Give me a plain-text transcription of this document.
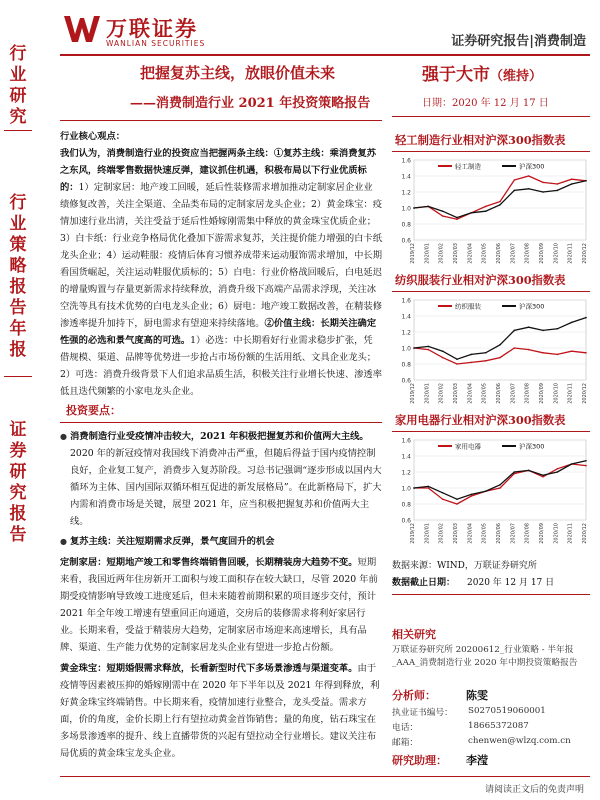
万联证券
WANLIAN SECURITIES	证券研究报告|消费制造
行
业
研
究
行
业
策
略
报
告
年
报
证
券
研
究
报
告
把握复苏主线，放眼价值未来
——消费制造行业 2021 年投资策略报告
强于大市（维持）
日期：2020 年 12 月 17 日

行业核心观点：

我们认为，消费制造行业的投资应当把握两条主线：①复苏主线：乘消费复苏之东风，终端零售数据快速反弹，建议抓住机遇，积极布局以下行业优质标的：1）定制家居：地产竣工回暖，延后性装修需求增加推动定制家居企业业绩修复改善，关注全渠道、全品类布局的定制家居龙头企业；2）黄金珠宝：疫情加速行业出清，关注受益于延后性婚嫁刚需集中释放的黄金珠宝优质企业；3）白卡纸：行业竞争格局优化叠加下游需求复苏，关注提价能力增强的白卡纸龙头企业；4）运动鞋服：疫情后体育习惯养成带来运动服饰需求增加，中长期看国货崛起，关注运动鞋服优质标的；5）白电：行业价格战回暖后，白电延迟的增量购置与存量更新需求持续释放，消费升级下高端产品需求浮现，关注冰空洗等具有技术优势的白电龙头企业；6）厨电：地产竣工数据改善，在精装修渗透率提升加持下，厨电需求有望迎来持续落地。②价值主线：长期关注确定性强的必选和景气度高的可选。1）必选：中长期看好行业需求稳步扩张，凭借规模、渠道、品牌等优势进一步抢占市场份额的生活用纸、文具企业龙头；2）可选：消费升级背景下人们追求品质生活，积极关注行业增长快速、渗透率低且迭代频繁的小家电龙头企业。

投资要点：
● 消费制造行业受疫情冲击较大，2021 年积极把握复苏和价值两大主线。2020 年的新冠疫情对我国线下消费冲击严重，但随后得益于国内疫情控制良好，企业复工复产，消费步入复苏阶段。习总书记强调“逐步形成以国内大循环为主体、国内国际双循环相互促进的新发展格局”。在此新格局下，扩大内需和消费市场是关键，展望 2021 年，应当积极把握复苏和价值两大主线。

● 复苏主线：关注短期需求反弹，景气度回升的机会

定制家居：短期地产竣工和零售终端销售回暖，长期精装房大趋势不变。短期来看，我国近两年住房新开工面积与竣工面积存在较大缺口，尽管 2020 年前期受疫情影响导致竣工进度延后，但未来随着前期积累的项目逐步交付，预计 2021 年全年竣工增速有望重回正向通道，交房后的装修需求将利好家居行业。长期来看，受益于精装房大趋势，定制家居市场迎来高速增长，具有品牌、渠道、生产能力优势的定制家居龙头企业有望进一步抢占份额。

黄金珠宝：短期婚假需求释放，长看新型时代下多场景渗透与渠道变革。由于疫情等因素被压抑的婚嫁刚需中在 2020 年下半年以及 2021 年得到释放，利好黄金珠宝终端销售。中长期来看，疫情加速行业整合，龙头受益。需求方面，价的角度，金价长期上行有望拉动黄金首饰销售；量的角度，钻石珠宝在多场景渗透率的提升、线上直播带货的兴起有望拉动全行业增长。建议关注布局优质的黄金珠宝龙头企业。

轻工制造行业相对沪深300指数表
1.6
1.4
1.2
1.0
0.8
0.6
2019/12 2020/01 2020/02 2020/03 2020/04 2020/05 2020/06 2020/07 2020/08 2020/09 2020/10 2020/11 2020/12
轻工制造	沪深300
纺织服装行业相对沪深300指数表
1.6
1.4
1.2
1.0
0.8
0.6
2019/12 2020/01 2020/02 2020/03 2020/04 2020/05 2020/06 2020/07 2020/08 2020/09 2020/10 2020/11 2020/12
纺织服装	沪深300
家用电器行业相对沪深300指数表
1.6
1.4
1.2
1.0
0.8
0.6
2019/12 2020/01 2020/02 2020/03 2020/04 2020/05 2020/06 2020/07 2020/08 2020/09 2020/10 2020/11 2020/12
家用电器	沪深300
数据来源：WIND，万联证券研究所
数据截止日期： 2020 年 12 月 17 日
相关研究
万联证券研究所 20200612_行业策略 - 半年报_AAA_消费制造行业 2020 年中期投资策略报告
分析师：	陈雯
执业证书编号： S0270519060001
电话：	18665372087
邮箱：	chenwen@wlzq.com.cn
研究助理： 李滢
请阅读正文后的免责声明
